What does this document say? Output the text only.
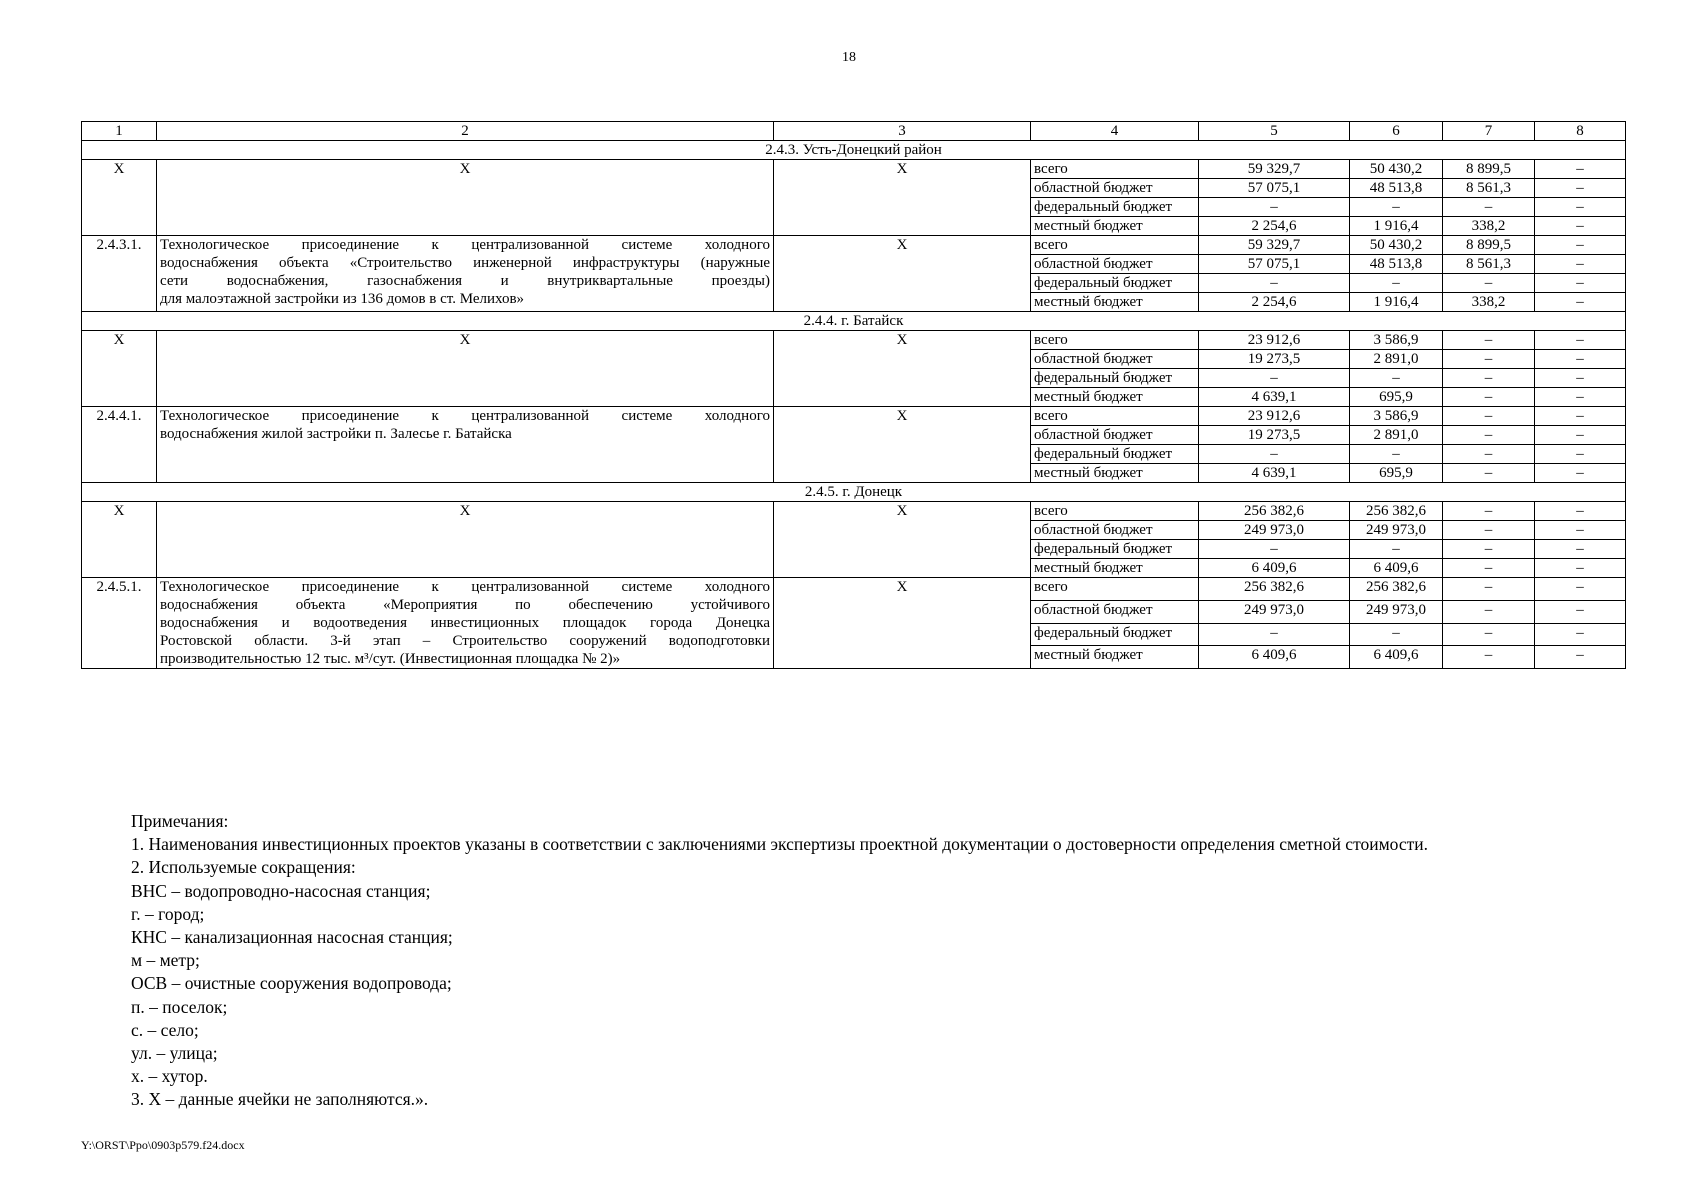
18
1	2	3	4	5	6	7	8
2.4.3. Усть-Донецкий район							
X	X	X	всего	59 329,7	50 430,2	8 899,5	–
			областной бюджет	57 075,1	48 513,8	8 561,3	–
			федеральный бюджет	–	–	–	–
			местный бюджет	2 254,6	1 916,4	338,2	–
2.4.3.1.	Технологическое присоединение к централизованной системе холодного
водоснабжения объекта «Строительство инженерной инфраструктуры (наружные
сети водоснабжения, газоснабжения и внутриквартальные проезды)
для малоэтажной застройки из 136 домов в ст. Мелихов»	X	всего	59 329,7	50 430,2	8 899,5	–
			областной бюджет	57 075,1	48 513,8	8 561,3	–
			федеральный бюджет	–	–	–	–
			местный бюджет	2 254,6	1 916,4	338,2	–
2.4.4. г. Батайск							
X	X	X	всего	23 912,6	3 586,9	–	–
			областной бюджет	19 273,5	2 891,0	–	–
			федеральный бюджет	–	–	–	–
			местный бюджет	4 639,1	695,9	–	–
2.4.4.1.	Технологическое присоединение к централизованной системе холодного
водоснабжения жилой застройки п. Залесье г. Батайска	X	всего	23 912,6	3 586,9	–	–
			областной бюджет	19 273,5	2 891,0	–	–
			федеральный бюджет	–	–	–	–
			местный бюджет	4 639,1	695,9	–	–
2.4.5. г. Донецк							
X	X	X	всего	256 382,6	256 382,6	–	–
			областной бюджет	249 973,0	249 973,0	–	–
			федеральный бюджет	–	–	–	–
			местный бюджет	6 409,6	6 409,6	–	–
2.4.5.1.	Технологическое присоединение к централизованной системе холодного
водоснабжения объекта «Мероприятия по обеспечению устойчивого
водоснабжения и водоотведения инвестиционных площадок города Донецка
Ростовской области. 3-й этап – Строительство сооружений водоподготовки
производительностью 12 тыс. м³/сут. (Инвестиционная площадка № 2)»	X	всего	256 382,6	256 382,6	–	–
			областной бюджет	249 973,0	249 973,0	–	–
			федеральный бюджет	–	–	–	–
			местный бюджет	6 409,6	6 409,6	–	–
Примечания:
1. Наименования инвестиционных проектов указаны в соответствии с заключениями экспертизы проектной документации о достоверности определения сметной стоимости.
2. Используемые сокращения:
ВНС – водопроводно-насосная станция;
г. – город;
КНС – канализационная насосная станция;
м – метр;
ОСВ – очистные сооружения водопровода;
п. – поселок;
с. – село;
ул. – улица;
х. – хутор.
3. X – данные ячейки не заполняются.».
Y:\ORST\Ppo\0903p579.f24.docx
